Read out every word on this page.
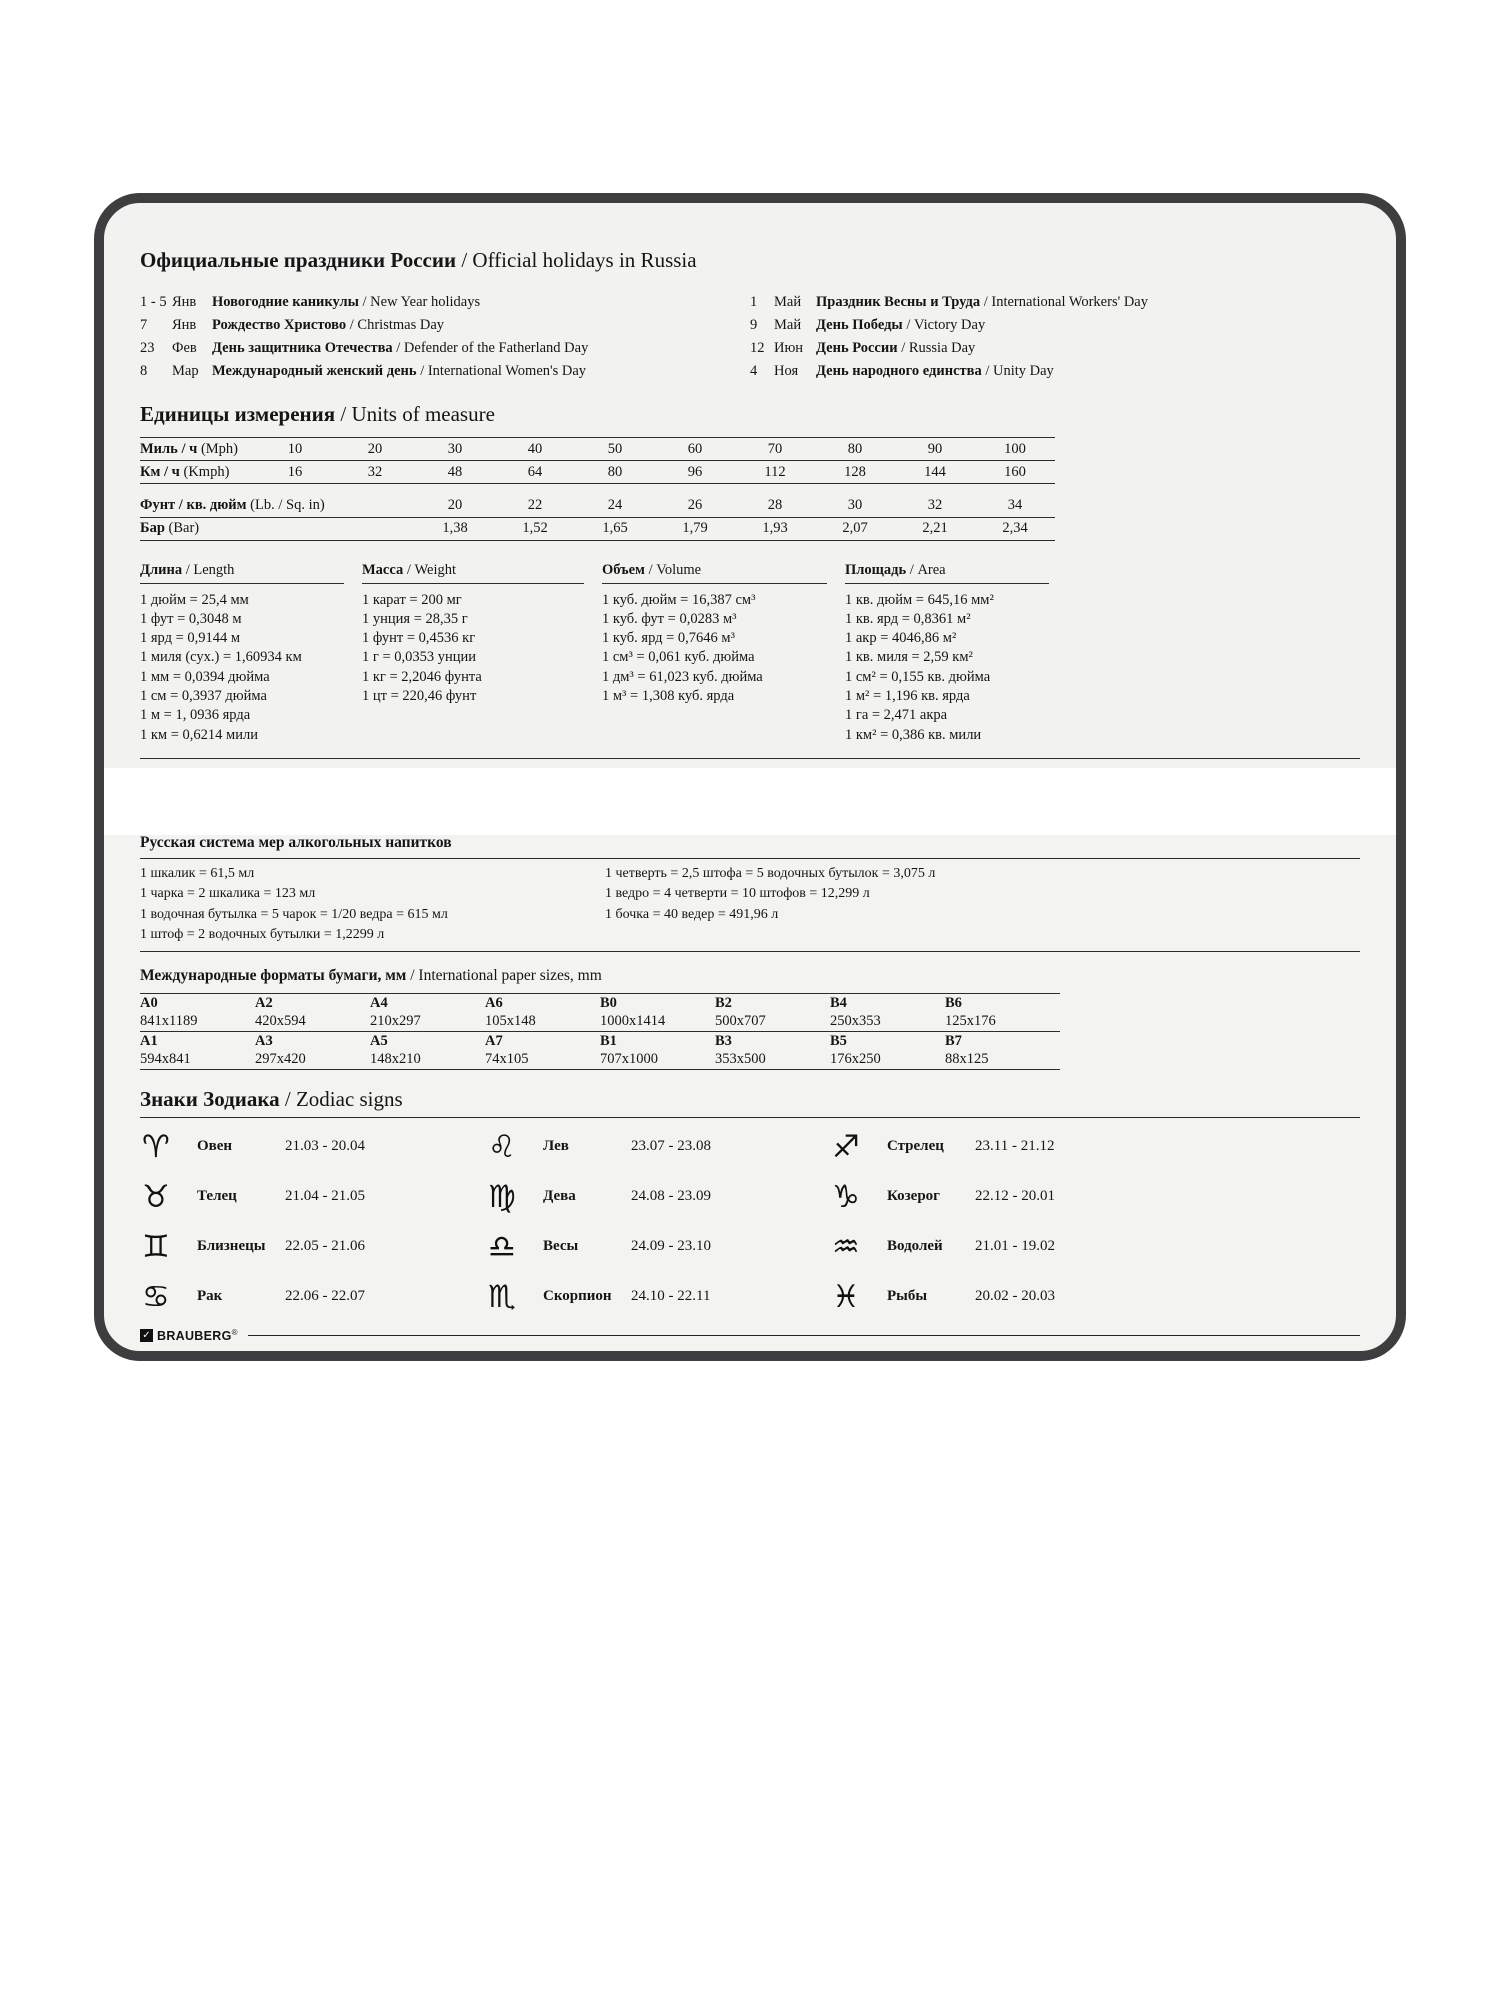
Официальные праздники России / Official holidays in Russia
1 - 5 Янв	Новогодние каникулы / New Year holidays
7	Янв	Рождество Христово / Christmas Day
23	Фев	День защитника Отечества / Defender of the Fatherland Day
8	Мар Международный женский день / International Women's Day
1	Май	Праздник Весны и Труда / International Workers' Day
9	Май	День Победы / Victory Day
12 Июн День России / Russia Day
4	Ноя	День народного единства / Unity Day
Единицы измерения / Units of measure
Миль / ч (Mph)	10	20	30	40	50	60	70	80	90	100
Км / ч (Kmph)	16	32	48	64	80	96	112	128	144	160
Фунт / кв. дюйм (Lb. / Sq. in)	20	22	24	26	28	30	32	34
Бар (Bar)	1,38	1,52	1,65	1,79	1,93	2,07	2,21	2,34
Длина / Length
1 дюйм = 25,4 мм
1 фут = 0,3048 м
1 ярд = 0,9144 м
1 миля (сух.) = 1,60934 км
1 мм = 0,0394 дюйма
1 см = 0,3937 дюйма
1 м = 1, 0936 ярда
1 км = 0,6214 мили
Масса / Weight
1 карат = 200 мг
1 унция = 28,35 г
1 фунт = 0,4536 кг
1 г = 0,0353 унции
1 кг = 2,2046 фунта
1 цт = 220,46 фунт
Объем / Volume
1 куб. дюйм = 16,387 см³
1 куб. фут = 0,0283 м³
1 куб. ярд = 0,7646 м³
1 см³ = 0,061 куб. дюйма
1 дм³ = 61,023 куб. дюйма
1 м³ = 1,308 куб. ярда
Площадь / Area
1 кв. дюйм = 645,16 мм²
1 кв. ярд = 0,8361 м²
1 акр = 4046,86 м²
1 кв. миля = 2,59 км²
1 см² = 0,155 кв. дюйма
1 м² = 1,196 кв. ярда
1 га = 2,471 акра
1 км² = 0,386 кв. мили
Русская система мер алкогольных напитков
1 шкалик = 61,5 мл
1 чарка = 2 шкалика = 123 мл
1 водочная бутылка = 5 чарок = 1/20 ведра = 615 мл
1 штоф = 2 водочных бутылки = 1,2299 л
1 четверть = 2,5 штофа = 5 водочных бутылок = 3,075 л
1 ведро = 4 четверти = 10 штофов = 12,299 л
1 бочка = 40 ведер = 491,96 л
Международные форматы бумаги, мм / International paper sizes, mm
A0	A2	A4	A6	B0	B2	B4	B6
841x1189	420x594	210x297	105x148	1000x1414	500x707	250x353	125x176
A1	A3	A5	A7	B1	B3	B5	B7
594x841	297x420	148x210	74x105	707x1000	353x500	176x250	88x125
Знаки Зодиака / Zodiac signs
♈	Овен	21.03 - 20.04
♉	Телец	21.04 - 21.05
♊	Близнецы	22.05 - 21.06
♋	Рак	22.06 - 22.07
♌	Лев	23.07 - 23.08
♍	Дева	24.08 - 23.09
♎	Весы	24.09 - 23.10
♏	Скорпион	24.10 - 22.11
♐	Стрелец	23.11 - 21.12
♑	Козерог	22.12 - 20.01
♒	Водолей	21.01 - 19.02
♓	Рыбы	20.02 - 20.03
✓ BRAUBERG®
